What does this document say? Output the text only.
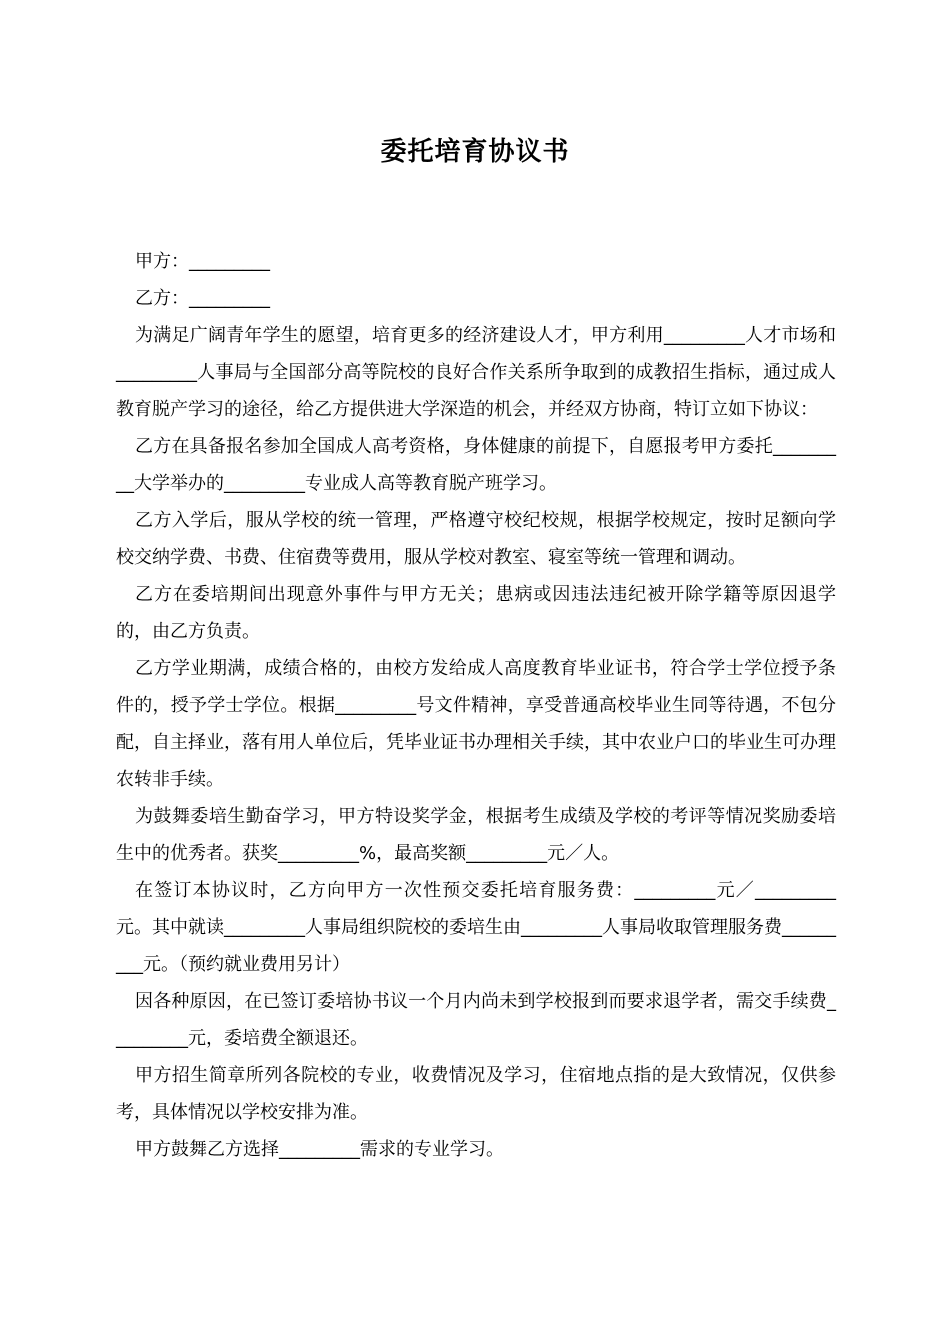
委托培育协议书

甲方：_________

乙方：_________

为满足广阔青年学生的愿望，培育更多的经济建设人才，甲方利用_________人才市场和_________人事局与全国部分高等院校的良好合作关系所争取到的成教招生指标，通过成人教育脱产学习的途径，给乙方提供进大学深造的机会，并经双方协商，特订立如下协议：

乙方在具备报名参加全国成人高考资格，身体健康的前提下，自愿报考甲方委托_________大学举办的_________专业成人高等教育脱产班学习。

乙方入学后，服从学校的统一管理，严格遵守校纪校规，根据学校规定，按时足额向学校交纳学费、书费、住宿费等费用，服从学校对教室、寝室等统一管理和调动。

乙方在委培期间出现意外事件与甲方无关；患病或因违法违纪被开除学籍等原因退学的，由乙方负责。

乙方学业期满，成绩合格的，由校方发给成人高度教育毕业证书，符合学士学位授予条件的，授予学士学位。根据_________号文件精神，享受普通高校毕业生同等待遇，不包分配，自主择业，落有用人单位后，凭毕业证书办理相关手续，其中农业户口的毕业生可办理农转非手续。

为鼓舞委培生勤奋学习，甲方特设奖学金，根据考生成绩及学校的考评等情况奖励委培生中的优秀者。获奖_________%，最高奖额_________元／人。

在签订本协议时，乙方向甲方一次性预交委托培育服务费：_________元／_________元。其中就读_________人事局组织院校的委培生由_________人事局收取管理服务费_________元。（预约就业费用另计）

因各种原因，在已签订委培协书议一个月内尚未到学校报到而要求退学者，需交手续费_________元，委培费全额退还。

甲方招生简章所列各院校的专业，收费情况及学习，住宿地点指的是大致情况，仅供参考，具体情况以学校安排为准。

甲方鼓舞乙方选择_________需求的专业学习。
